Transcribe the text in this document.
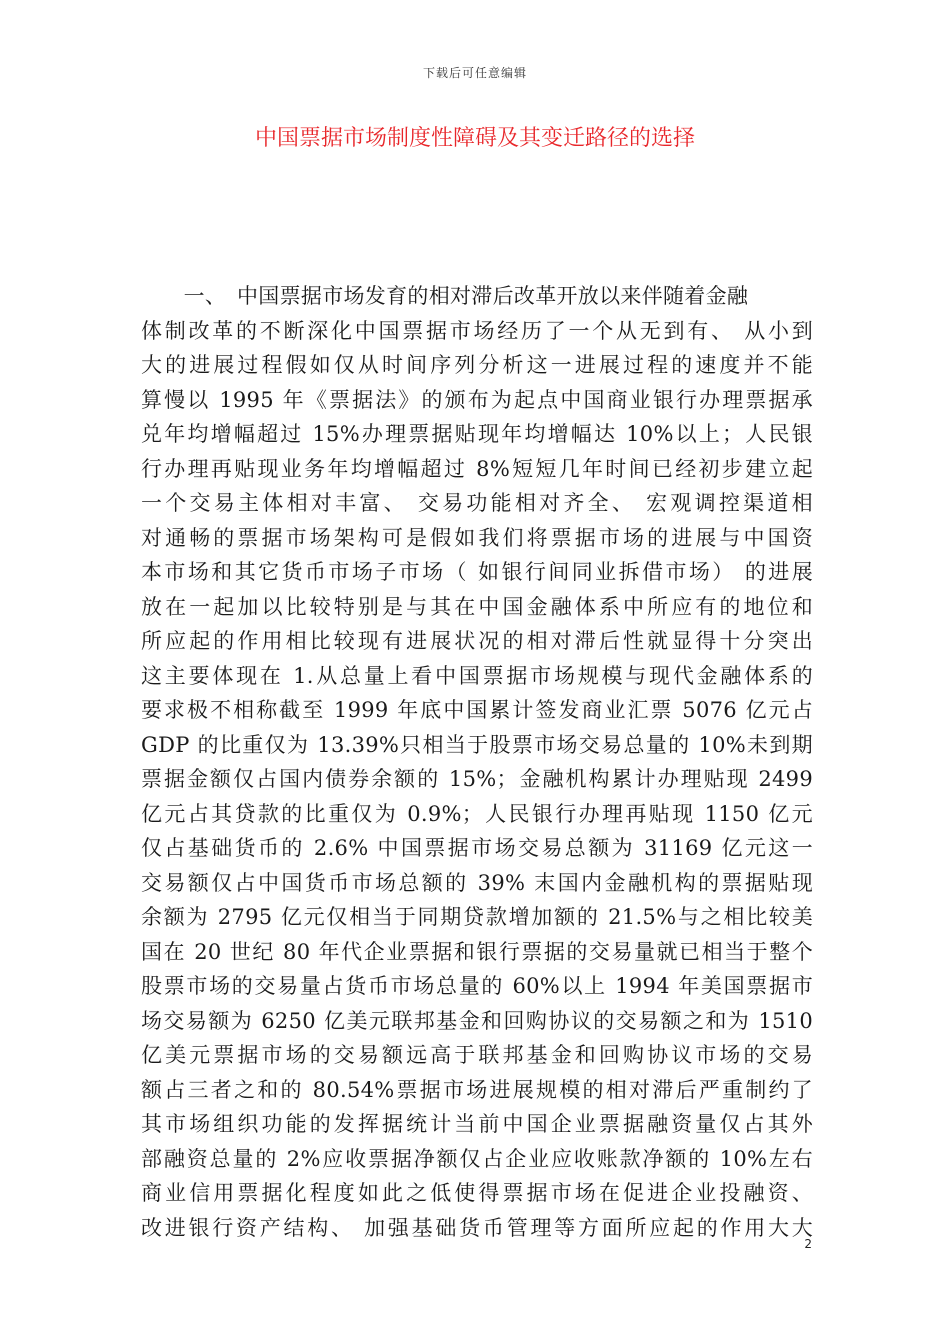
下载后可任意编辑
中国票据市场制度性障碍及其变迁路径的选择
　　一、　中国票据市场发育的相对滞后改革开放以来伴随着金融
体制改革的不断深化中国票据市场经历了一个从无到有、 从小到
大的进展过程假如仅从时间序列分析这一进展过程的速度并不能
算慢以 1995 年《票据法》的颁布为起点中国商业银行办理票据承
兑年均增幅超过 15%办理票据贴现年均增幅达 10%以上；人民银
行办理再贴现业务年均增幅超过 8%短短几年时间已经初步建立起
一个交易主体相对丰富、 交易功能相对齐全、 宏观调控渠道相
对通畅的票据市场架构可是假如我们将票据市场的进展与中国资
本市场和其它货币市场子市场（ 如银行间同业拆借市场） 的进展
放在一起加以比较特别是与其在中国金融体系中所应有的地位和
所应起的作用相比较现有进展状况的相对滞后性就显得十分突出
这主要体现在 1.从总量上看中国票据市场规模与现代金融体系的
要求极不相称截至 1999 年底中国累计签发商业汇票 5076 亿元占
GDP 的比重仅为 13.39%只相当于股票市场交易总量的 10%未到期
票据金额仅占国内债券余额的 15%；金融机构累计办理贴现 2499
亿元占其贷款的比重仅为 0.9%；人民银行办理再贴现 1150 亿元
仅占基础货币的 2.6% 中国票据市场交易总额为 31169 亿元这一
交易额仅占中国货币市场总额的 39% 末国内金融机构的票据贴现
余额为 2795 亿元仅相当于同期贷款增加额的 21.5%与之相比较美
国在 20 世纪 80 年代企业票据和银行票据的交易量就已相当于整个
股票市场的交易量占货币市场总量的 60%以上 1994 年美国票据市
场交易额为 6250 亿美元联邦基金和回购协议的交易额之和为 1510
亿美元票据市场的交易额远高于联邦基金和回购协议市场的交易
额占三者之和的 80.54%票据市场进展规模的相对滞后严重制约了
其市场组织功能的发挥据统计当前中国企业票据融资量仅占其外
部融资总量的 2%应收票据净额仅占企业应收账款净额的 10%左右
商业信用票据化程度如此之低使得票据市场在促进企业投融资、
改进银行资产结构、 加强基础货币管理等方面所应起的作用大大
2
